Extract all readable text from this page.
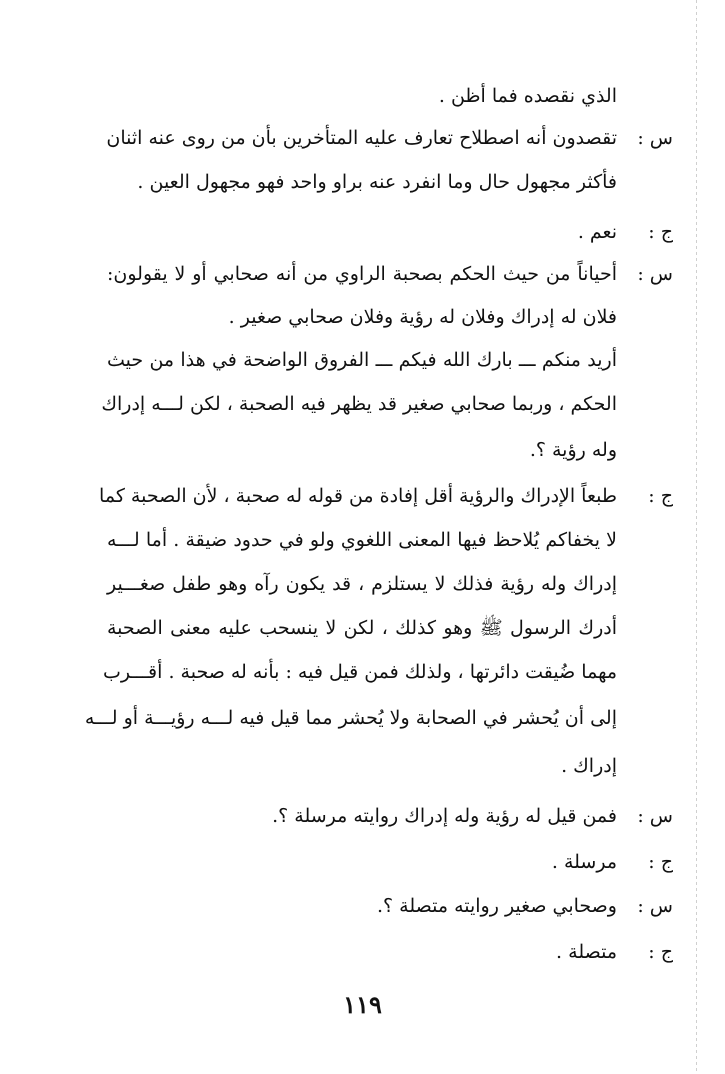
الذي نقصده فما أظن .
س :
تقصدون أنه اصطلاح تعارف عليه المتأخرين بأن من روى عنه اثنان
فأكثر مجهول حال وما انفرد عنه براو واحد فهو مجهول العين .
ج :
نعم .
س :
أحياناً من حيث الحكم بصحبة الراوي من أنه صحابي أو لا يقولون:
فلان له إدراك وفلان له رؤية وفلان صحابي صغير .
أريد منكم ـــ بارك الله فيكم ـــ الفروق الواضحة في هذا من حيث
الحكم ، وربما صحابي صغير قد يظهر فيه الصحبة ، لكن لـــه إدراك
وله رؤية ؟.
ج :
طبعاً الإدراك والرؤية أقل إفادة من قوله له صحبة ، لأن الصحبة كما
لا يخفاكم يُلاحظ فيها المعنى اللغوي ولو في حدود ضيقة . أما لـــه
إدراك وله رؤية فذلك لا يستلزم ، قد يكون رآه وهو طفل صغـــير
أدرك الرسول ﷺ وهو كذلك ، لكن لا ينسحب عليه معنى الصحبة
مهما ضُيقت دائرتها ، ولذلك فمن قيل فيه : بأنه له صحبة . أقـــرب
إلى أن يُحشر في الصحابة ولا يُحشر مما قيل فيه لـــه رؤيـــة أو لـــه
إدراك .
س :
فمن قيل له رؤية وله إدراك روايته مرسلة ؟.
ج :
مرسلة .
س :
وصحابي صغير روايته متصلة ؟.
ج :
متصلة .
١١٩
